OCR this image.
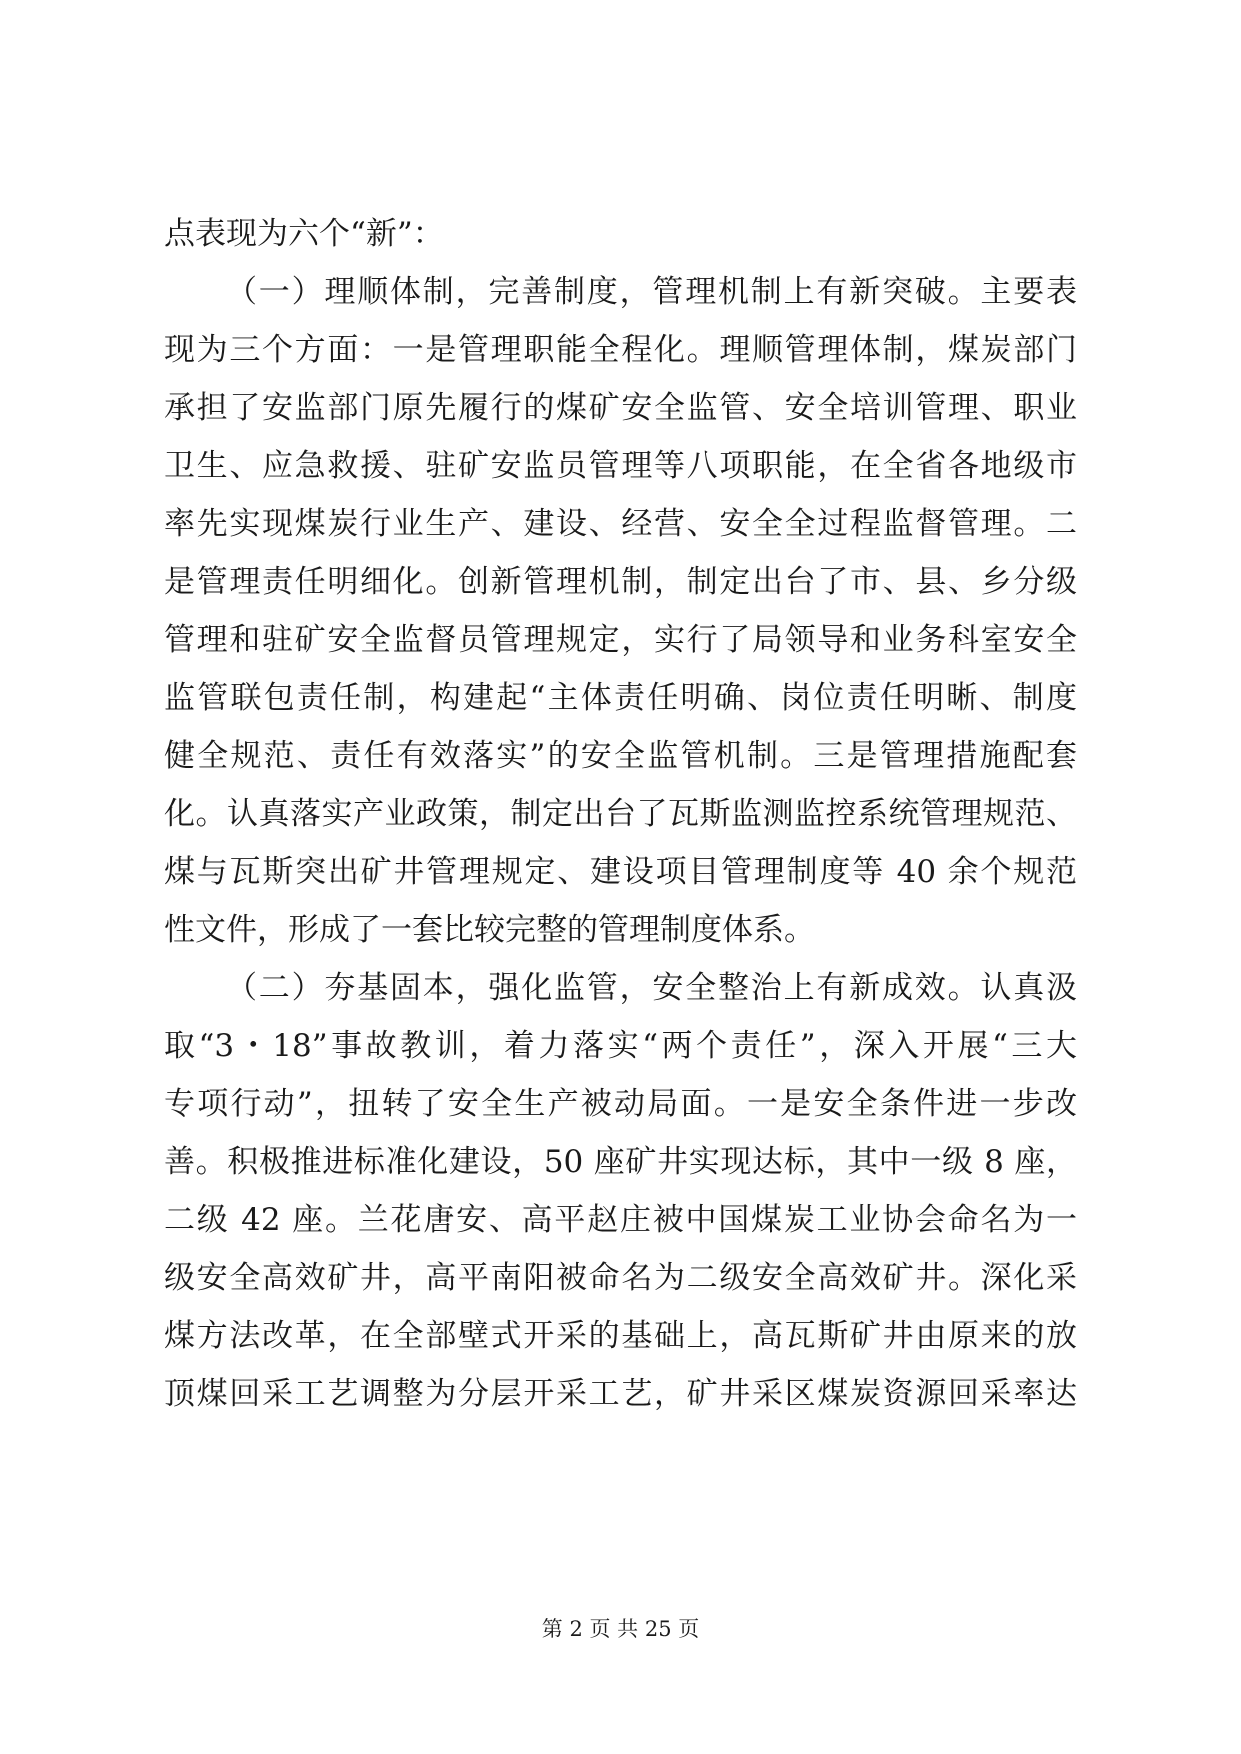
点表现为六个“新”：
（一）理顺体制，完善制度，管理机制上有新突破。主要表
现为三个方面：一是管理职能全程化。理顺管理体制，煤炭部门
承担了安监部门原先履行的煤矿安全监管、安全培训管理、职业
卫生、应急救援、驻矿安监员管理等八项职能，在全省各地级市
率先实现煤炭行业生产、建设、经营、安全全过程监督管理。二
是管理责任明细化。创新管理机制，制定出台了市、县、乡分级
管理和驻矿安全监督员管理规定，实行了局领导和业务科室安全
监管联包责任制，构建起“主体责任明确、岗位责任明晰、制度
健全规范、责任有效落实”的安全监管机制。三是管理措施配套
化。认真落实产业政策，制定出台了瓦斯监测监控系统管理规范、
煤与瓦斯突出矿井管理规定、建设项目管理制度等 40 余个规范
性文件，形成了一套比较完整的管理制度体系。
（二）夯基固本，强化监管，安全整治上有新成效。认真汲
取“3・18”事故教训，着力落实“两个责任”，深入开展“三大
专项行动”，扭转了安全生产被动局面。一是安全条件进一步改
善。积极推进标准化建设，50 座矿井实现达标，其中一级 8 座，
二级 42 座。兰花唐安、高平赵庄被中国煤炭工业协会命名为一
级安全高效矿井，高平南阳被命名为二级安全高效矿井。深化采
煤方法改革，在全部壁式开采的基础上，高瓦斯矿井由原来的放
顶煤回采工艺调整为分层开采工艺，矿井采区煤炭资源回采率达
第 2 页 共 25 页
